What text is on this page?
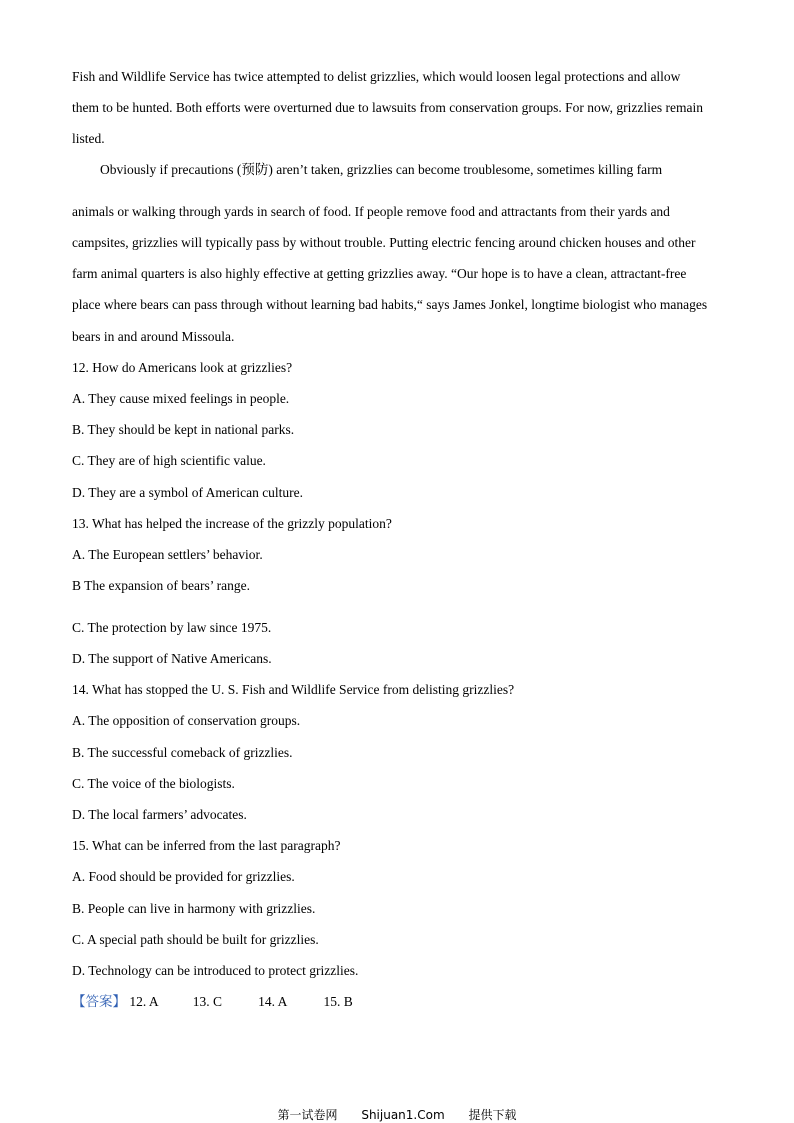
Fish and Wildlife Service has twice attempted to delist grizzlies, which would loosen legal protections and allow
them to be hunted. Both efforts were overturned due to lawsuits from conservation groups. For now, grizzlies remain
listed.
Obviously if precautions (预防) aren’t taken, grizzlies can become troublesome, sometimes killing farm
animals or walking through yards in search of food. If people remove food and attractants from their yards and
campsites, grizzlies will typically pass by without trouble. Putting electric fencing around chicken houses and other
farm animal quarters is also highly effective at getting grizzlies away. “Our hope is to have a clean, attractant-free
place where bears can pass through without learning bad habits,“ says James Jonkel, longtime biologist who manages
bears in and around Missoula.
12. How do Americans look at grizzlies?
A. They cause mixed feelings in people.
B. They should be kept in national parks.
C. They are of high scientific value.
D. They are a symbol of American culture.
13. What has helped the increase of the grizzly population?
A. The European settlers’ behavior.
B The expansion of bears’ range.
C. The protection by law since 1975.
D. The support of Native Americans.
14. What has stopped the U. S. Fish and Wildlife Service from delisting grizzlies?
A. The opposition of conservation groups.
B. The successful comeback of grizzlies.
C. The voice of the biologists.
D. The local farmers’ advocates.
15. What can be inferred from the last paragraph?
A. Food should be provided for grizzlies.
B. People can live in harmony with grizzlies.
C. A special path should be built for grizzlies.
D. Technology can be introduced to protect grizzlies.
【答案】 12. A	13. C	14. A	15. B
第一试卷网 Shijuan1.Com 提供下载
